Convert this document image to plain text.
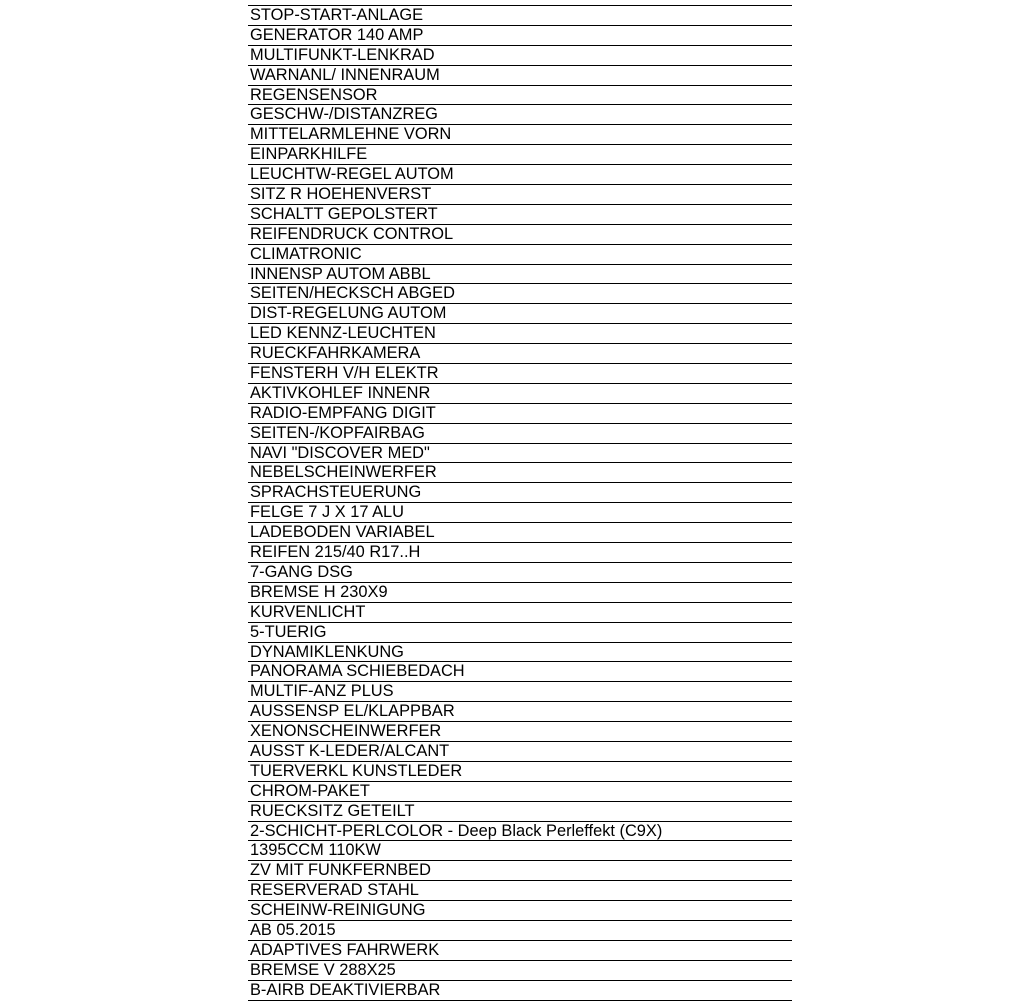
STOP-START-ANLAGE
GENERATOR 140 AMP
MULTIFUNKT-LENKRAD
WARNANL/ INNENRAUM
REGENSENSOR
GESCHW-/DISTANZREG
MITTELARMLEHNE VORN
EINPARKHILFE
LEUCHTW-REGEL AUTOM
SITZ R HOEHENVERST
SCHALTT GEPOLSTERT
REIFENDRUCK CONTROL
CLIMATRONIC
INNENSP AUTOM ABBL
SEITEN/HECKSCH ABGED
DIST-REGELUNG AUTOM
LED KENNZ-LEUCHTEN
RUECKFAHRKAMERA
FENSTERH V/H ELEKTR
AKTIVKOHLEF INNENR
RADIO-EMPFANG DIGIT
SEITEN-/KOPFAIRBAG
NAVI "DISCOVER MED"
NEBELSCHEINWERFER
SPRACHSTEUERUNG
FELGE 7 J X 17 ALU
LADEBODEN VARIABEL
REIFEN 215/40 R17..H
7-GANG DSG
BREMSE H 230X9
KURVENLICHT
5-TUERIG
DYNAMIKLENKUNG
PANORAMA SCHIEBEDACH
MULTIF-ANZ PLUS
AUSSENSP EL/KLAPPBAR
XENONSCHEINWERFER
AUSST K-LEDER/ALCANT
TUERVERKL KUNSTLEDER
CHROM-PAKET
RUECKSITZ GETEILT
2-SCHICHT-PERLCOLOR - Deep Black Perleffekt (C9X)
1395CCM 110KW
ZV MIT FUNKFERNBED
RESERVERAD STAHL
SCHEINW-REINIGUNG
AB 05.2015
ADAPTIVES FAHRWERK
BREMSE V 288X25
B-AIRB DEAKTIVIERBAR
